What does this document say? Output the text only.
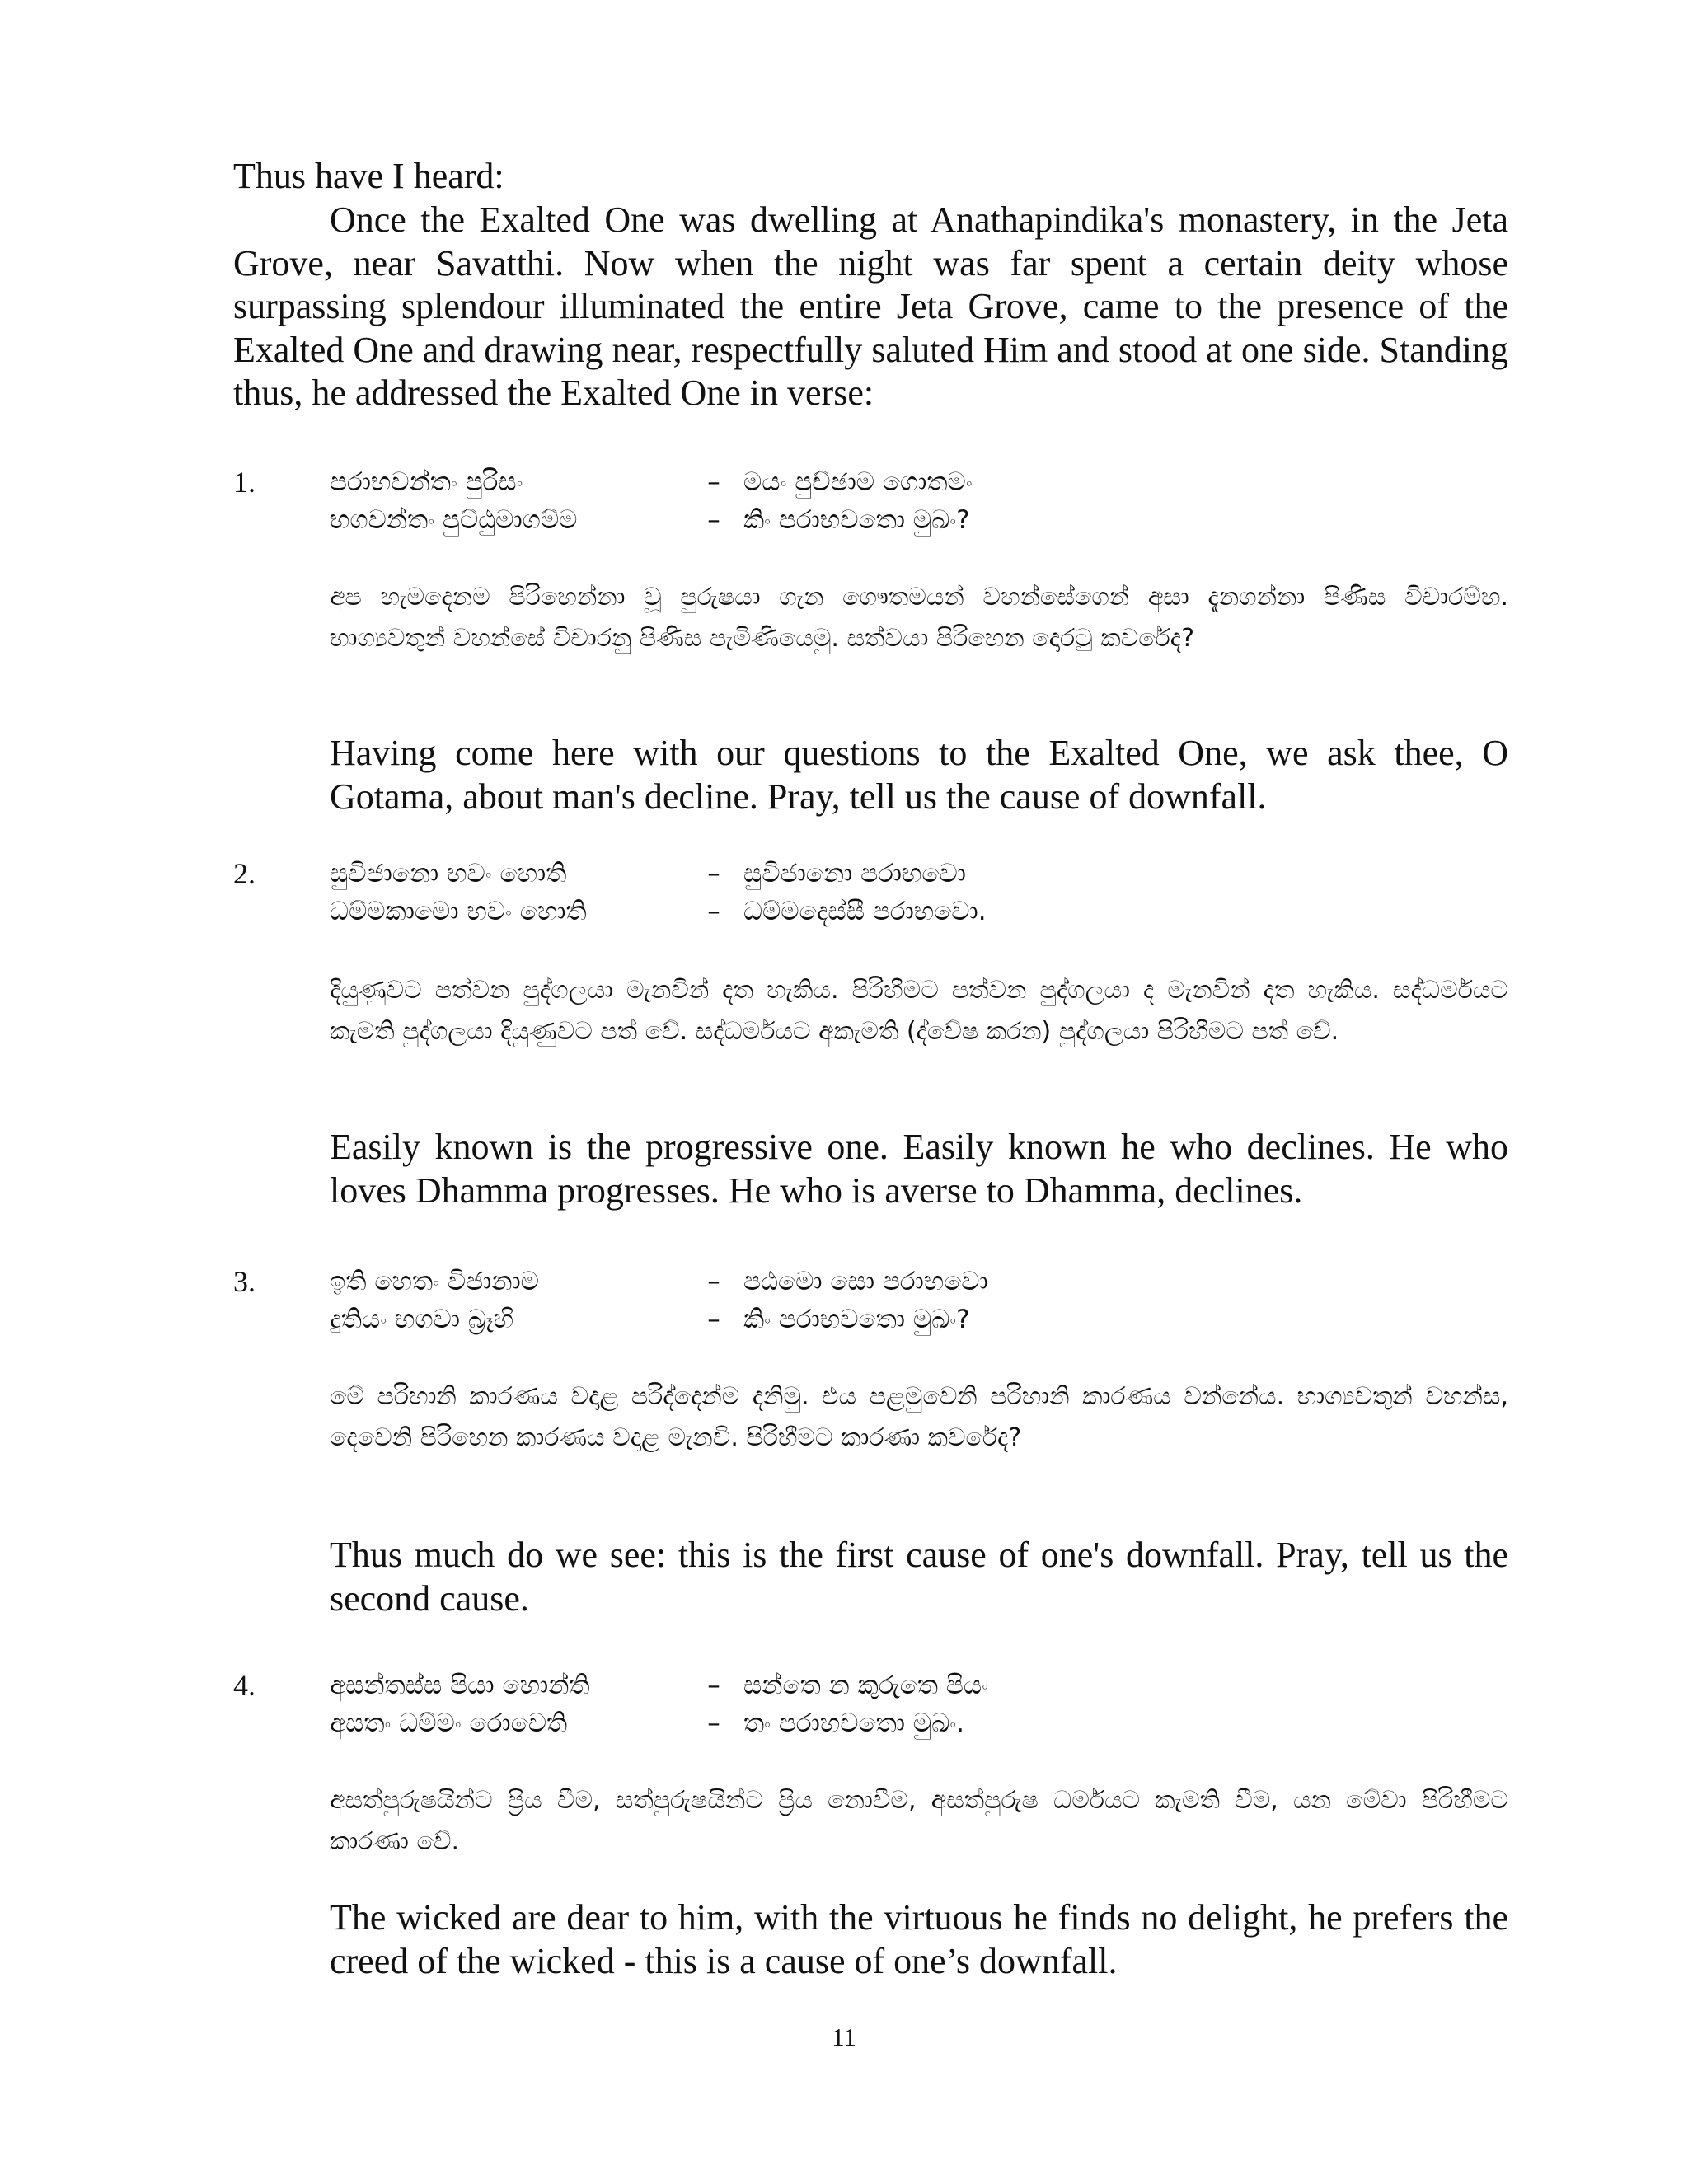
Thus have I heard:
Once the Exalted One was dwelling at Anathapindika's monastery, in the Jeta Grove, near Savatthi. Now when the night was far spent a certain deity whose surpassing splendour illuminated the entire Jeta Grove, came to the presence of the Exalted One and drawing near, respectfully saluted Him and stood at one side. Standing thus, he addressed the Exalted One in verse:
1.	පරාභවන්තං පුරිසං	– මයං පුච්ඡාම ගොතමං
භගවන්තං පුට්ඨුමාගම්ම	– කිං පරාභවතො මුඛං?
අප හැමදෙනම පිරිහෙන්නා වූ පුරුෂයා ගැන ගෞතමයන් වහන්සේගෙන් අසා දැනගන්නා පිණිස විචාරම්හ. භාග්‍යවතුන් වහන්සේ විචාරනු පිණිස පැමිණියෙමු. සත්වයා පිරිහෙන දොරටු කවරේද?
Having come here with our questions to the Exalted One, we ask thee, O Gotama, about man's decline. Pray, tell us the cause of downfall.
2.	සුවිජානො භවං හොති	– සුවිජානො පරාභවො
ධම්මකාමො භවං හොති	– ධම්මදෙස්සී පරාභවො.
දියුණුවට පත්වන පුද්ගලයා මැනවින් දත හැකිය. පිරිහීමට පත්වන පුද්ගලයා ද මැනවින් දත හැකිය. සද්ධර්මයට කැමති පුද්ගලයා දියුණුවට පත් වේ. සද්ධර්මයට අකැමති (ද්වේෂ කරන) පුද්ගලයා පිරිහීමට පත් වේ.
Easily known is the progressive one. Easily known he who declines. He who loves Dhamma progresses. He who is averse to Dhamma, declines.
3.	ඉති හෙතං විජානාම	– පඨමො සො පරාභවො
දුතියං භගවා බ්‍රෑහි	– කිං පරාභවතො මුඛං?
මේ පරිහානි කාරණය වදාළ පරිද්දෙන්ම දනිමු. එය පළමුවෙනි පරිහානි කාරණය වන්නේය. භාග්‍යවතුන් වහන්ස, දෙවෙනි පිරිහෙන කාරණය වදාළ මැනවි. පිරිහීමට කාරණා කවරේද?
Thus much do we see: this is the first cause of one's downfall. Pray, tell us the second cause.
4.	අසන්තස්ස පියා හොන්ති	– සන්තෙ න කුරුතෙ පියං
අසතං ධම්මං රොචෙති	– තං පරාභවතො මුඛං.
අසත්පුරුෂයින්ට ප්‍රිය වීම, සත්පුරුෂයින්ට ප්‍රිය නොවීම, අසත්පුරුෂ ධර්මයට කැමති වීම, යන මේවා පිරිහීමට කාරණා වේ.
The wicked are dear to him, with the virtuous he finds no delight, he prefers the creed of the wicked - this is a cause of one’s downfall.
11
